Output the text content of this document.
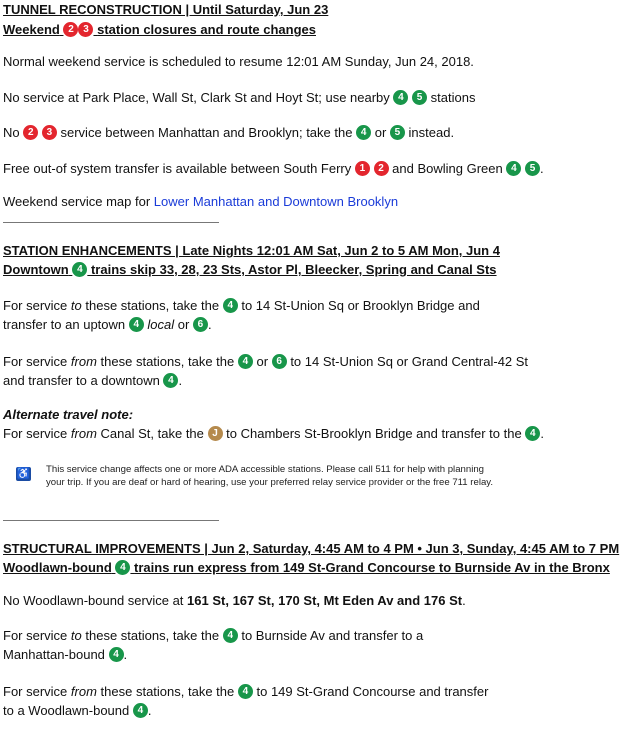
TUNNEL RECONSTRUCTION | Until Saturday, Jun 23
Weekend 2 3 station closures and route changes
Normal weekend service is scheduled to resume 12:01 AM Sunday, Jun 24, 2018.
No service at Park Place, Wall St, Clark St and Hoyt St; use nearby 4 5 stations
No 2 3 service between Manhattan and Brooklyn; take the 4 or 5 instead.
Free out-of system transfer is available between South Ferry 1 2 and Bowling Green 4 5 .
Weekend service map for Lower Manhattan and Downtown Brooklyn
STATION ENHANCEMENTS | Late Nights 12:01 AM Sat, Jun 2 to 5 AM Mon, Jun 4
Downtown 4 trains skip 33, 28, 23 Sts, Astor Pl, Bleecker, Spring and Canal Sts
For service to these stations, take the 4 to 14 St-Union Sq or Brooklyn Bridge and
transfer to an uptown 4 local or 6 .
For service from these stations, take the 4 or 6 to 14 St-Union Sq or Grand Central-42 St
and transfer to a downtown 4 .
Alternate travel note:
For service from Canal St, take the J to Chambers St-Brooklyn Bridge and transfer to the 4 .
♿ This service change affects one or more ADA accessible stations. Please call 511 for help with planning
your trip. If you are deaf or hard of hearing, use your preferred relay service provider or the free 711 relay.
STRUCTURAL IMPROVEMENTS | Jun 2, Saturday, 4:45 AM to 4 PM • Jun 3, Sunday, 4:45 AM to 7 PM
Woodlawn-bound 4 trains run express from 149 St-Grand Concourse to Burnside Av in the Bronx
No Woodlawn-bound service at 161 St, 167 St, 170 St, Mt Eden Av and 176 St.
For service to these stations, take the 4 to Burnside Av and transfer to a
Manhattan-bound 4 .
For service from these stations, take the 4 to 149 St-Grand Concourse and transfer
to a Woodlawn-bound 4 .
